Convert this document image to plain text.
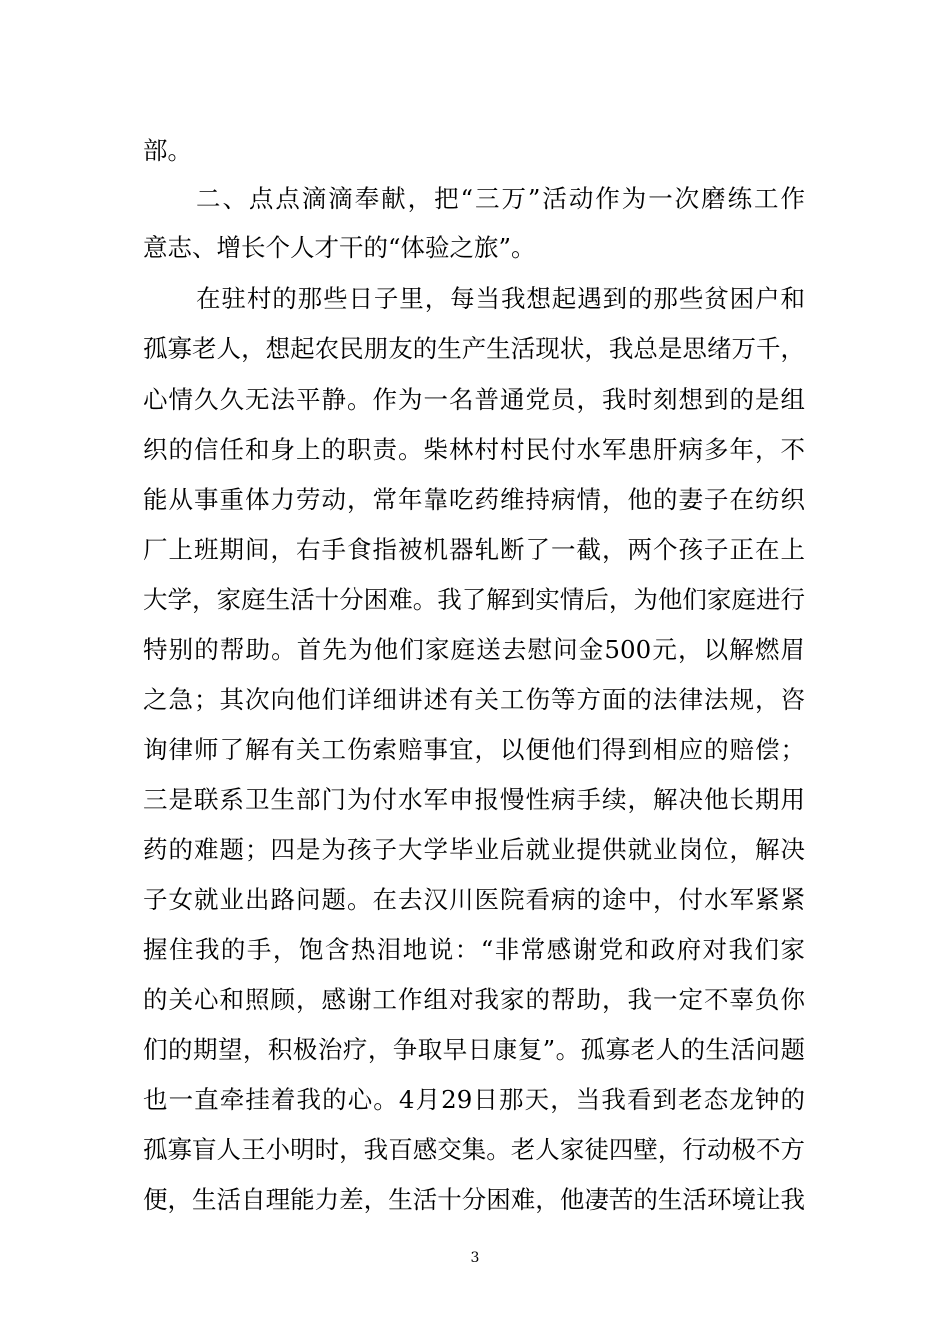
部。
二、点点滴滴奉献，把“三万”活动作为一次磨练工作
意志、增长个人才干的“体验之旅”。
在驻村的那些日子里，每当我想起遇到的那些贫困户和
孤寡老人，想起农民朋友的生产生活现状，我总是思绪万千，
心情久久无法平静。作为一名普通党员，我时刻想到的是组
织的信任和身上的职责。柴林村村民付水军患肝病多年，不
能从事重体力劳动，常年靠吃药维持病情，他的妻子在纺织
厂上班期间，右手食指被机器轧断了一截，两个孩子正在上
大学，家庭生活十分困难。我了解到实情后，为他们家庭进行
特别的帮助。首先为他们家庭送去慰问金500元，以解燃眉
之急；其次向他们详细讲述有关工伤等方面的法律法规，咨
询律师了解有关工伤索赔事宜，以便他们得到相应的赔偿；
三是联系卫生部门为付水军申报慢性病手续，解决他长期用
药的难题；四是为孩子大学毕业后就业提供就业岗位，解决
子女就业出路问题。在去汉川医院看病的途中，付水军紧紧
握住我的手，饱含热泪地说：“非常感谢党和政府对我们家
的关心和照顾，感谢工作组对我家的帮助，我一定不辜负你
们的期望，积极治疗，争取早日康复”。孤寡老人的生活问题
也一直牵挂着我的心。4月29日那天，当我看到老态龙钟的
孤寡盲人王小明时，我百感交集。老人家徒四壁，行动极不方
便，生活自理能力差，生活十分困难，他凄苦的生活环境让我
3
